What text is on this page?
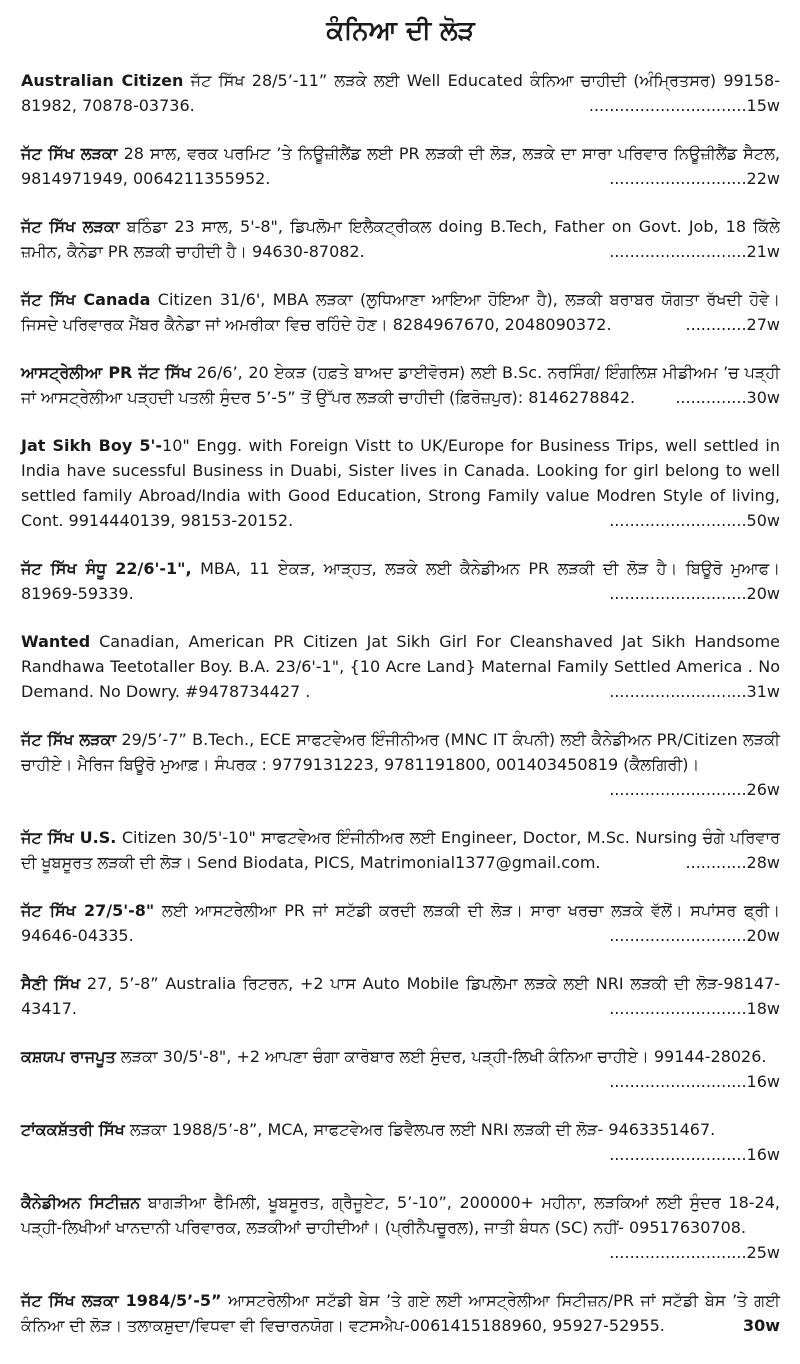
ਕੰਨਿਆ ਦੀ ਲੋੜ
Australian Citizen ਜੱਟ ਸਿੱਖ 28/5’-11” ਲੜਕੇ ਲਈ Well Educated ਕੰਨਿਆ ਚਾਹੀਦੀ (ਅੰਮ੍ਰਿਤਸਰ) 99158-81982, 70878-03736.	...............................15w
ਜੱਟ ਸਿੱਖ ਲੜਕਾ 28 ਸਾਲ, ਵਰਕ ਪਰਮਿਟ ’ਤੇ ਨਿਊਜ਼ੀਲੈਂਡ ਲਈ PR ਲੜਕੀ ਦੀ ਲੋੜ, ਲੜਕੇ ਦਾ ਸਾਰਾ ਪਰਿਵਾਰ ਨਿਊਜ਼ੀਲੈਂਡ ਸੈਟਲ, 9814971949, 0064211355952.	...........................22w
ਜੱਟ ਸਿੱਖ ਲੜਕਾ ਬਠਿੰਡਾ 23 ਸਾਲ, 5'-8", ਡਿਪਲੋਮਾ ਇਲੈਕਟ੍ਰੀਕਲ doing B.Tech, Father on Govt. Job, 18 ਕਿੱਲੇ ਜ਼ਮੀਨ, ਕੈਨੇਡਾ PR ਲੜਕੀ ਚਾਹੀਦੀ ਹੈ। 94630-87082.	...........................21w
ਜੱਟ ਸਿੱਖ Canada Citizen 31/6', MBA ਲੜਕਾ (ਲੁਧਿਆਣਾ ਆਇਆ ਹੋਇਆ ਹੈ), ਲੜਕੀ ਬਰਾਬਰ ਯੋਗਤਾ ਰੱਖਦੀ ਹੋਵੇ। ਜਿਸਦੇ ਪਰਿਵਾਰਕ ਮੈਂਬਰ ਕੈਨੇਡਾ ਜਾਂ ਅਮਰੀਕਾ ਵਿਚ ਰਹਿੰਦੇ ਹੋਣ। 8284967670, 2048090372.	............27w
ਆਸਟ੍ਰੇਲੀਆ PR ਜੱਟ ਸਿੱਖ 26/6’, 20 ਏਕੜ (ਹਫ਼ਤੇ ਬਾਅਦ ਡਾਈਵੋਰਸ) ਲਈ B.Sc. ਨਰਸਿੰਗ/ ਇੰਗਲਿਸ਼ ਮੀਡੀਅਮ ’ਚ ਪੜ੍ਹੀ ਜਾਂ ਆਸਟ੍ਰੇਲੀਆ ਪੜ੍ਹਦੀ ਪਤਲੀ ਸੁੰਦਰ 5’-5” ਤੋਂ ਉੱਪਰ ਲੜਕੀ ਚਾਹੀਦੀ (ਫ਼ਿਰੋਜ਼ਪੁਰ): 8146278842.	..............30w
Jat Sikh Boy 5'-10" Engg. with Foreign Vistt to UK/Europe for Business Trips, well settled in India have sucessful Business in Duabi, Sister lives in Canada. Looking for girl belong to well settled family Abroad/India with Good Education, Strong Family value Modren Style of living, Cont. 9914440139, 98153-20152.	...........................50w
ਜੱਟ ਸਿੱਖ ਸੰਧੂ 22/6'-1", MBA, 11 ਏਕੜ, ਆੜ੍ਹਤ, ਲੜਕੇ ਲਈ ਕੈਨੇਡੀਅਨ PR ਲੜਕੀ ਦੀ ਲੋੜ ਹੈ। ਬਿਊਰੋ ਮੁਆਫ। 81969-59339.	...........................20w
Wanted Canadian, American PR Citizen Jat Sikh Girl For Cleanshaved Jat Sikh Handsome Randhawa Teetotaller Boy. B.A. 23/6'-1", {10 Acre Land} Maternal Family Settled America . No Demand. No Dowry. #9478734427 .	...........................31w
ਜੱਟ ਸਿੱਖ ਲੜਕਾ 29/5’-7” B.Tech., ECE ਸਾਫਟਵੇਅਰ ਇੰਜੀਨੀਅਰ (MNC IT ਕੰਪਨੀ) ਲਈ ਕੈਨੇਡੀਅਨ PR/Citizen ਲੜਕੀ ਚਾਹੀਏ। ਮੈਰਿਜ ਬਿਊਰੋ ਮੁਆਫ਼। ਸੰਪਰਕ : 9779131223, 9781191800, 001403450819 (ਕੈਲਗਿਰੀ)।
...........................26w
ਜੱਟ ਸਿੱਖ U.S. Citizen 30/5'-10" ਸਾਫਟਵੇਅਰ ਇੰਜੀਨੀਅਰ ਲਈ Engineer, Doctor, M.Sc. Nursing ਚੰਗੇ ਪਰਿਵਾਰ ਦੀ ਖੂਬਸੂਰਤ ਲੜਕੀ ਦੀ ਲੋੜ। Send Biodata, PICS, Matrimonial1377@gmail.com.	............28w
ਜੱਟ ਸਿੱਖ 27/5'-8" ਲਈ ਆਸਟਰੇਲੀਆ PR ਜਾਂ ਸਟੱਡੀ ਕਰਦੀ ਲੜਕੀ ਦੀ ਲੋੜ। ਸਾਰਾ ਖਰਚਾ ਲੜਕੇ ਵੱਲੋਂ। ਸਪਾਂਸਰ ਫ੍ਰੀ। 94646-04335.	...........................20w
ਸੈਣੀ ਸਿੱਖ 27, 5’-8” Australia ਰਿਟਰਨ, +2 ਪਾਸ Auto Mobile ਡਿਪਲੋਮਾ ਲੜਕੇ ਲਈ NRI ਲੜਕੀ ਦੀ ਲੋੜ-98147-43417.	...........................18w
ਕਸ਼ਯਪ ਰਾਜਪੂਤ ਲੜਕਾ 30/5'-8", +2 ਆਪਣਾ ਚੰਗਾ ਕਾਰੋਬਾਰ ਲਈ ਸੁੰਦਰ, ਪੜ੍ਹੀ-ਲਿਖੀ ਕੰਨਿਆ ਚਾਹੀਏ। 99144-28026.
...........................16w
ਟਾਂਕਕਸ਼ੱਤਰੀ ਸਿੱਖ ਲੜਕਾ 1988/5’-8”, MCA, ਸਾਫਟਵੇਅਰ ਡਿਵੈਲਪਰ ਲਈ NRI ਲੜਕੀ ਦੀ ਲੋੜ- 9463351467.
...........................16w
ਕੈਨੇਡੀਅਨ ਸਿਟੀਜ਼ਨ ਬਾਗੜੀਆ ਫੈਮਿਲੀ, ਖੂਬਸੂਰਤ, ਗ੍ਰੈਜੂਏਟ, 5’-10”, 200000+ ਮਹੀਨਾ, ਲੜਕਿਆਂ ਲਈ ਸੁੰਦਰ 18-24, ਪੜ੍ਹੀ-ਲਿਖੀਆਂ ਖਾਨਦਾਨੀ ਪਰਿਵਾਰਕ, ਲੜਕੀਆਂ ਚਾਹੀਦੀਆਂ। (ਪ੍ਰੀਨੈਪਚੂਰਲ), ਜਾਤੀ ਬੰਧਨ (SC) ਨਹੀਂ- 09517630708.
...........................25w
ਜੱਟ ਸਿੱਖ ਲੜਕਾ 1984/5’-5” ਆਸਟਰੇਲੀਆ ਸਟੱਡੀ ਬੇਸ ’ਤੇ ਗਏ ਲਈ ਆਸਟ੍ਰੇਲੀਆ ਸਿਟੀਜ਼ਨ/PR ਜਾਂ ਸਟੱਡੀ ਬੇਸ ’ਤੇ ਗਈ ਕੰਨਿਆ ਦੀ ਲੋੜ। ਤਲਾਕਸ਼ੁਦਾ/ਵਿਧਵਾ ਵੀ ਵਿਚਾਰਨਯੋਗ। ਵਟਸਐਪ-0061415188960, 95927-52955.	30w
